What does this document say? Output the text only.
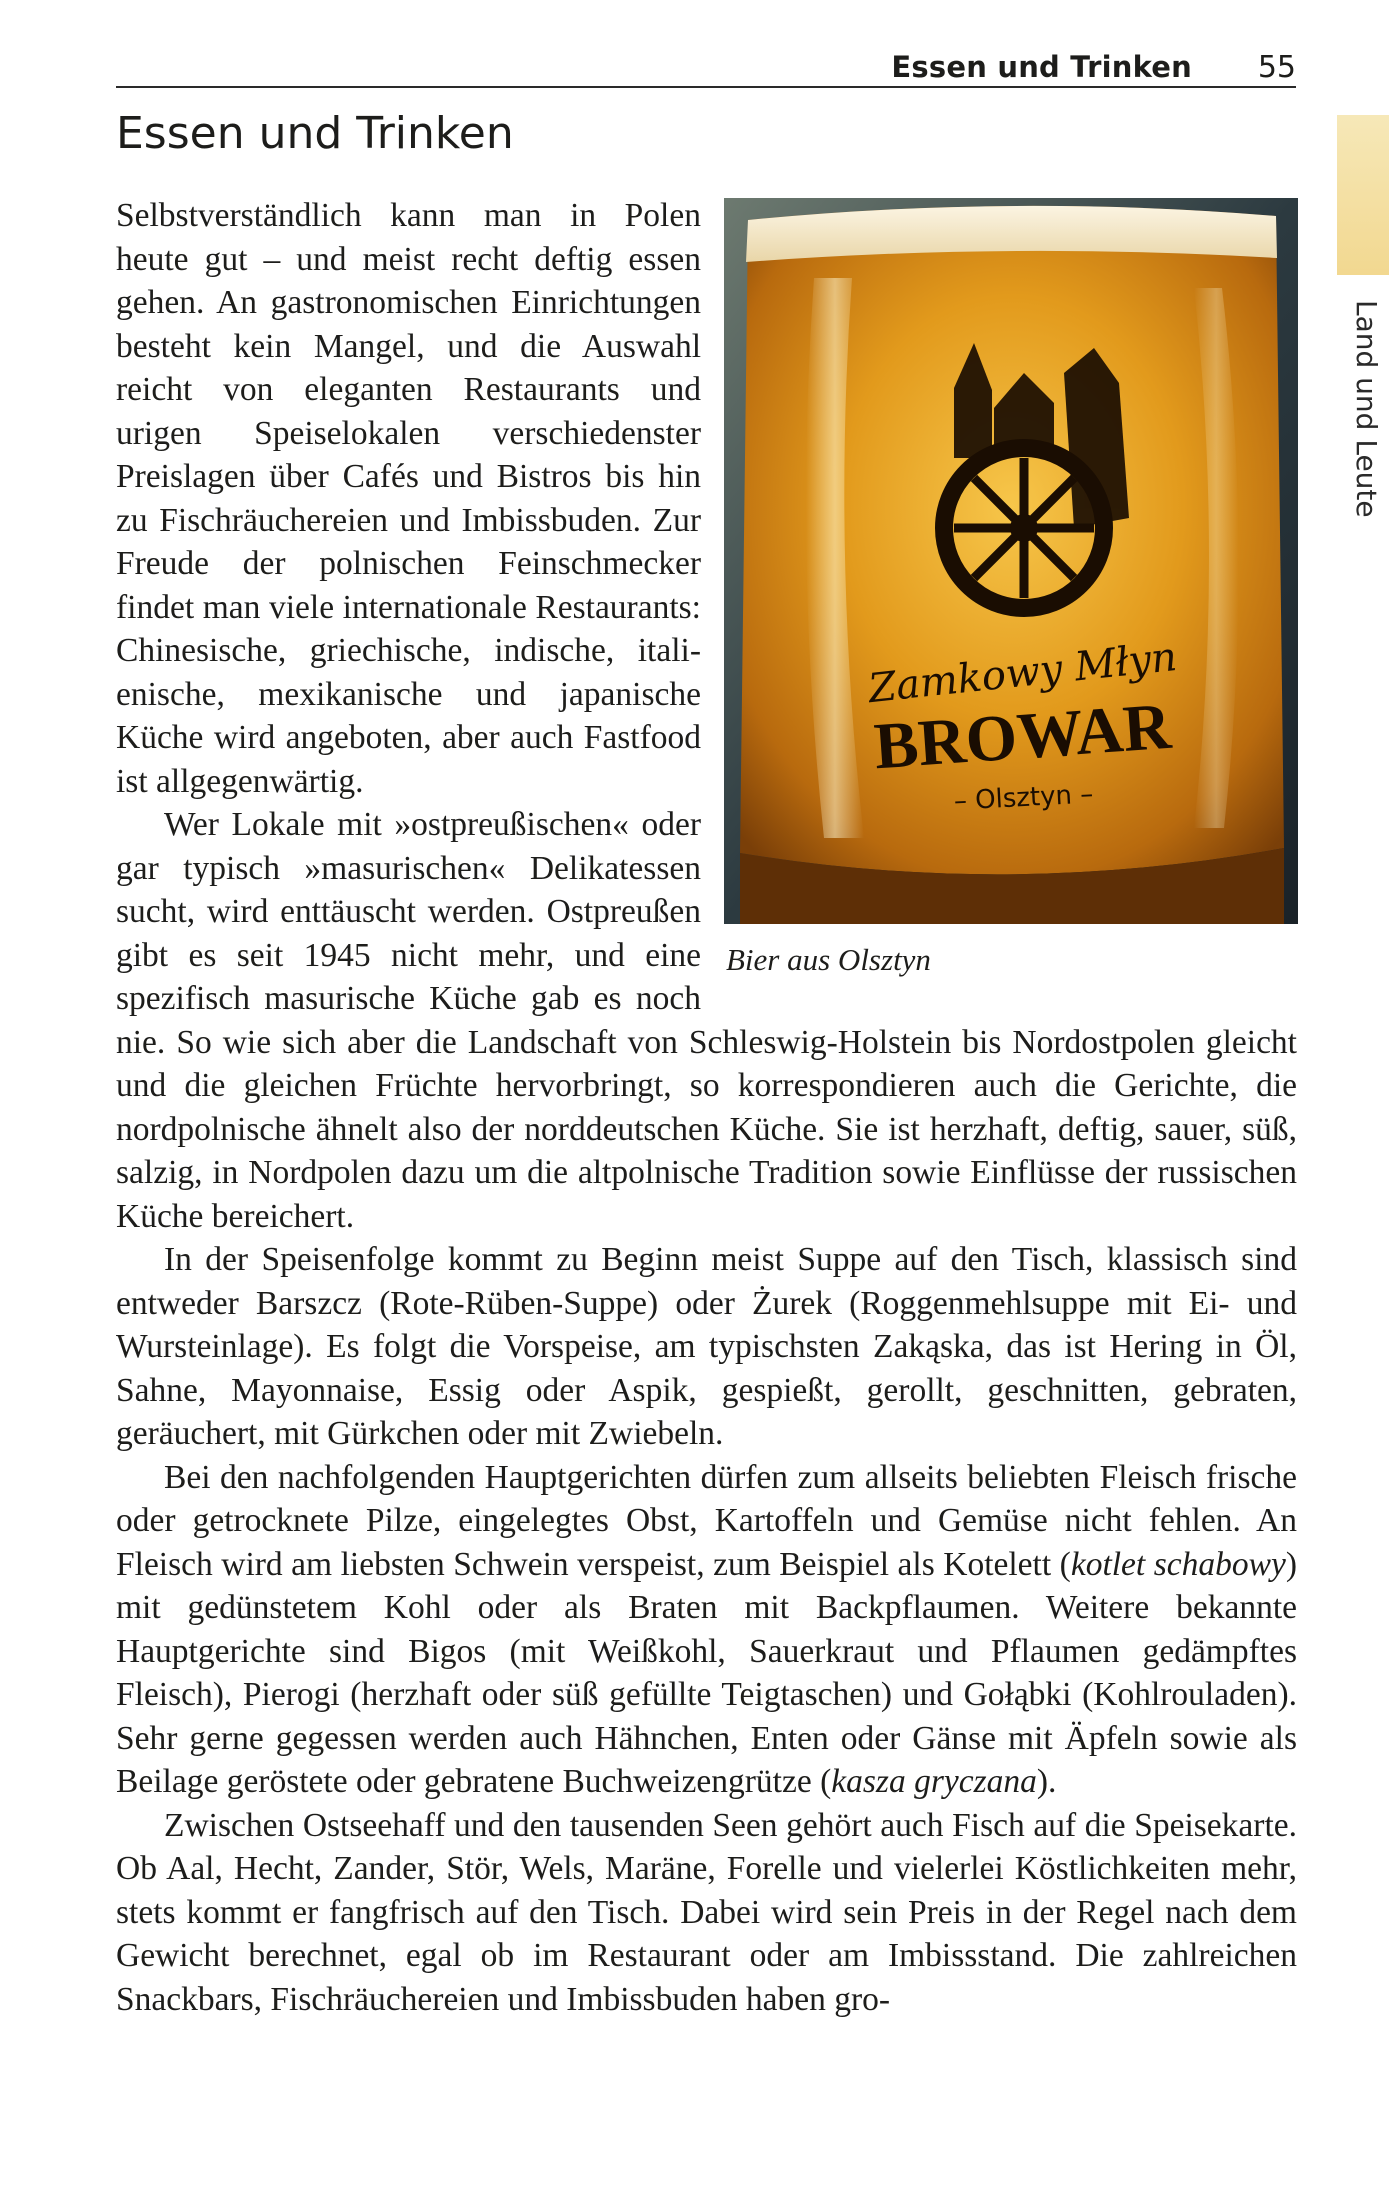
Essen und Trinken 55
Land und Leute
Essen und Trinken
Zamkowy Młyn
BROWAR
– Olsztyn –
Bier aus Olsztyn

Selbstverständlich kann man in Polen heute gut – und meist recht deftig essen gehen. An gastronomischen Einrichtungen besteht kein Mangel, und die Auswahl reicht von eleganten Restaurants und urigen Speiselokalen verschiedenster Preislagen über Cafés und Bistros bis hin zu Fischräuchereien und Imbissbuden. Zur Freude der polnischen Feinschmecker findet man viele internationale Restaurants: Chinesische, griechische, indische, italienische, mexikanische und japanische Küche wird angeboten, aber auch Fastfood ist allgegenwärtig.

Wer Lokale mit »ostpreußischen« oder gar typisch »masurischen« Delikatessen sucht, wird enttäuscht werden. Ostpreußen gibt es seit 1945 nicht mehr, und eine spezifisch masurische Küche gab es noch nie. So wie sich aber die Landschaft von Schleswig-Holstein bis Nordostpolen gleicht und die gleichen Früchte hervorbringt, so korrespondieren auch die Gerichte, die nordpolnische ähnelt also der norddeutschen Küche. Sie ist herzhaft, deftig, sauer, süß, salzig, in Nordpolen dazu um die altpolnische Tradition sowie Einflüsse der russischen Küche bereichert.

In der Speisenfolge kommt zu Beginn meist Suppe auf den Tisch, klassisch sind entweder Barszcz (Rote-Rüben-Suppe) oder Żurek (Roggenmehlsuppe mit Ei- und Wursteinlage). Es folgt die Vorspeise, am typischsten Zakąska, das ist Hering in Öl, Sahne, Mayonnaise, Essig oder Aspik, gespießt, gerollt, geschnitten, gebraten, geräuchert, mit Gürkchen oder mit Zwiebeln.

Bei den nachfolgenden Hauptgerichten dürfen zum allseits beliebten Fleisch frische oder getrocknete Pilze, eingelegtes Obst, Kartoffeln und Gemüse nicht fehlen. An Fleisch wird am liebsten Schwein verspeist, zum Beispiel als Kotelett (kotlet schabowy) mit gedünstetem Kohl oder als Braten mit Backpflaumen. Weitere bekannte Hauptgerichte sind Bigos (mit Weißkohl, Sauerkraut und Pflaumen gedämpftes Fleisch), Pierogi (herzhaft oder süß gefüllte Teigtaschen) und Gołąbki (Kohlrouladen). Sehr gerne gegessen werden auch Hähnchen, Enten oder Gänse mit Äpfeln sowie als Beilage geröstete oder gebratene Buchweizengrütze (kasza gryczana).

Zwischen Ostseehaff und den tausenden Seen gehört auch Fisch auf die Speisekarte. Ob Aal, Hecht, Zander, Stör, Wels, Maräne, Forelle und vielerlei Köstlichkeiten mehr, stets kommt er fangfrisch auf den Tisch. Dabei wird sein Preis in der Regel nach dem Gewicht berechnet, egal ob im Restaurant oder am Imbissstand. Die zahlreichen Snackbars, Fischräuchereien und Imbissbuden haben gro-
